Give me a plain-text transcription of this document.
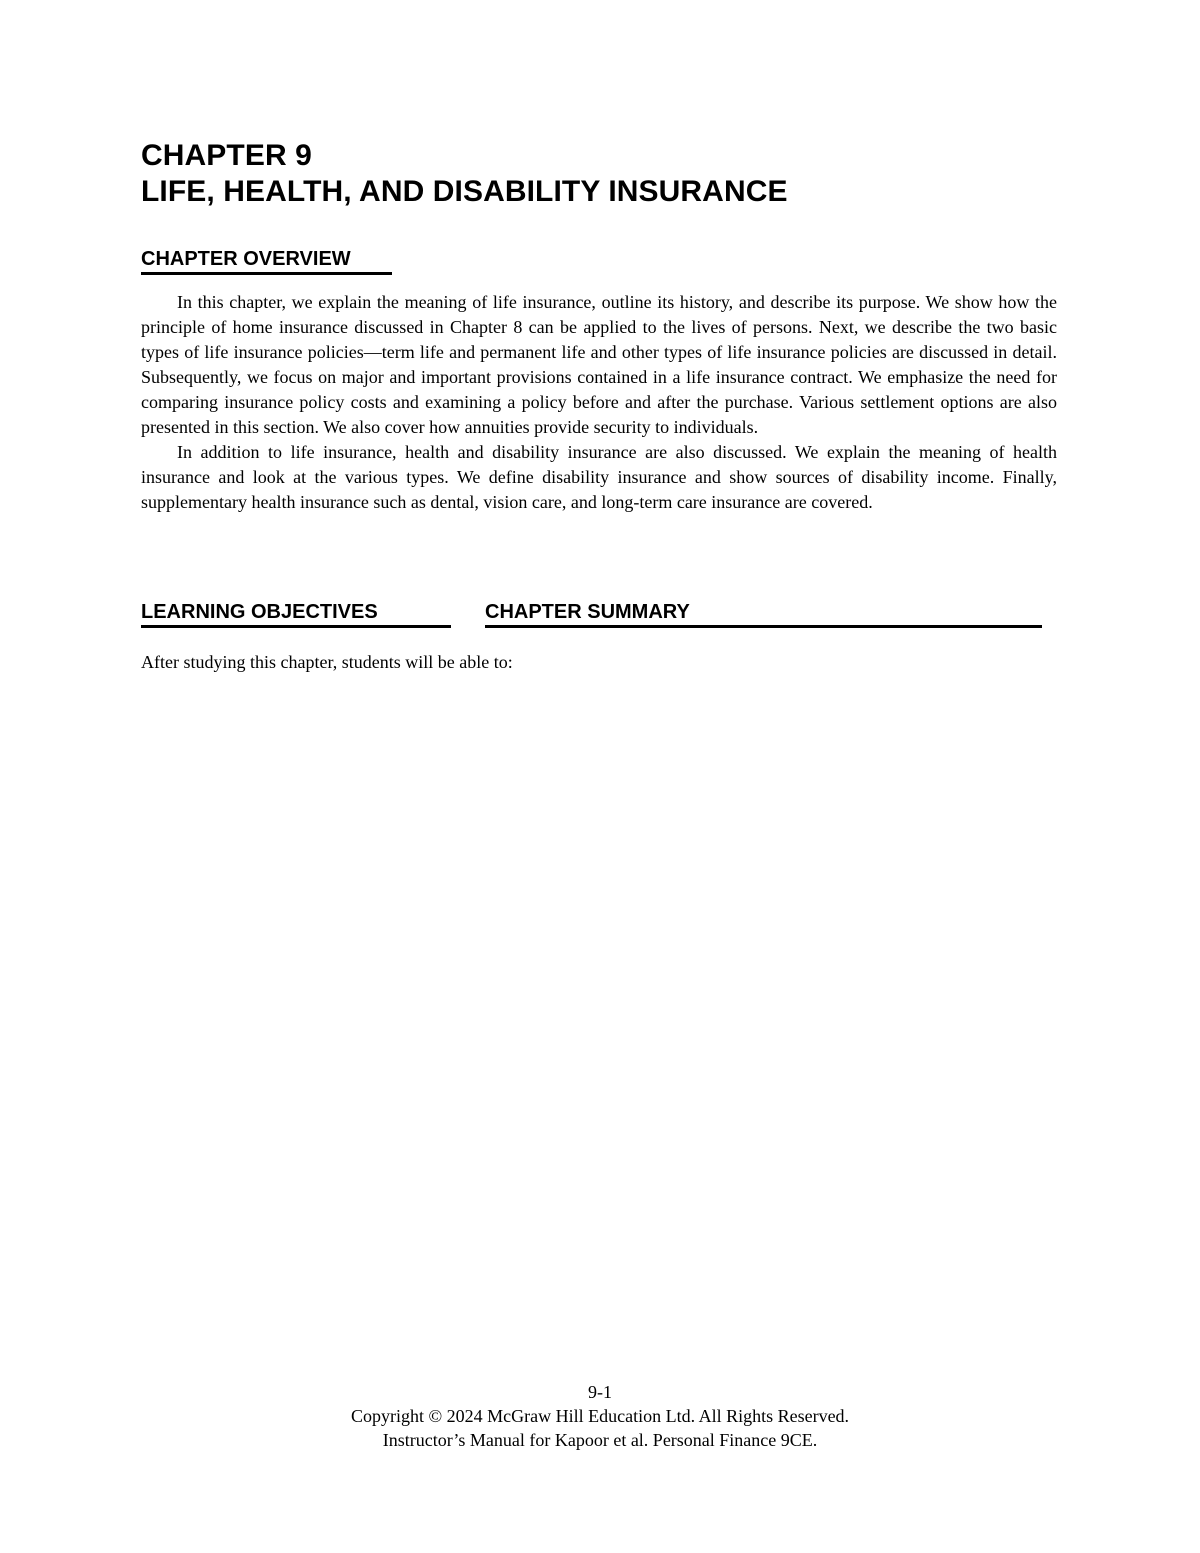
CHAPTER 9
LIFE, HEALTH, AND DISABILITY INSURANCE
CHAPTER OVERVIEW

In this chapter, we explain the meaning of life insurance, outline its history, and describe its purpose. We show how the principle of home insurance discussed in Chapter 8 can be applied to the lives of persons. Next, we describe the two basic types of life insurance policies—term life and permanent life and other types of life insurance policies are discussed in detail. Subsequently, we focus on major and important provisions contained in a life insurance contract. We emphasize the need for comparing insurance policy costs and examining a policy before and after the purchase. Various settlement options are also presented in this section. We also cover how annuities provide security to individuals.

In addition to life insurance, health and disability insurance are also discussed. We explain the meaning of health insurance and look at the various types. We define disability insurance and show sources of disability income. Finally, supplementary health insurance such as dental, vision care, and long-term care insurance are covered.

LEARNING OBJECTIVES	CHAPTER SUMMARY

After studying this chapter, students will be able to:

9-1
Copyright © 2024 McGraw Hill Education Ltd. All Rights Reserved.
Instructor’s Manual for Kapoor et al. Personal Finance 9CE.
